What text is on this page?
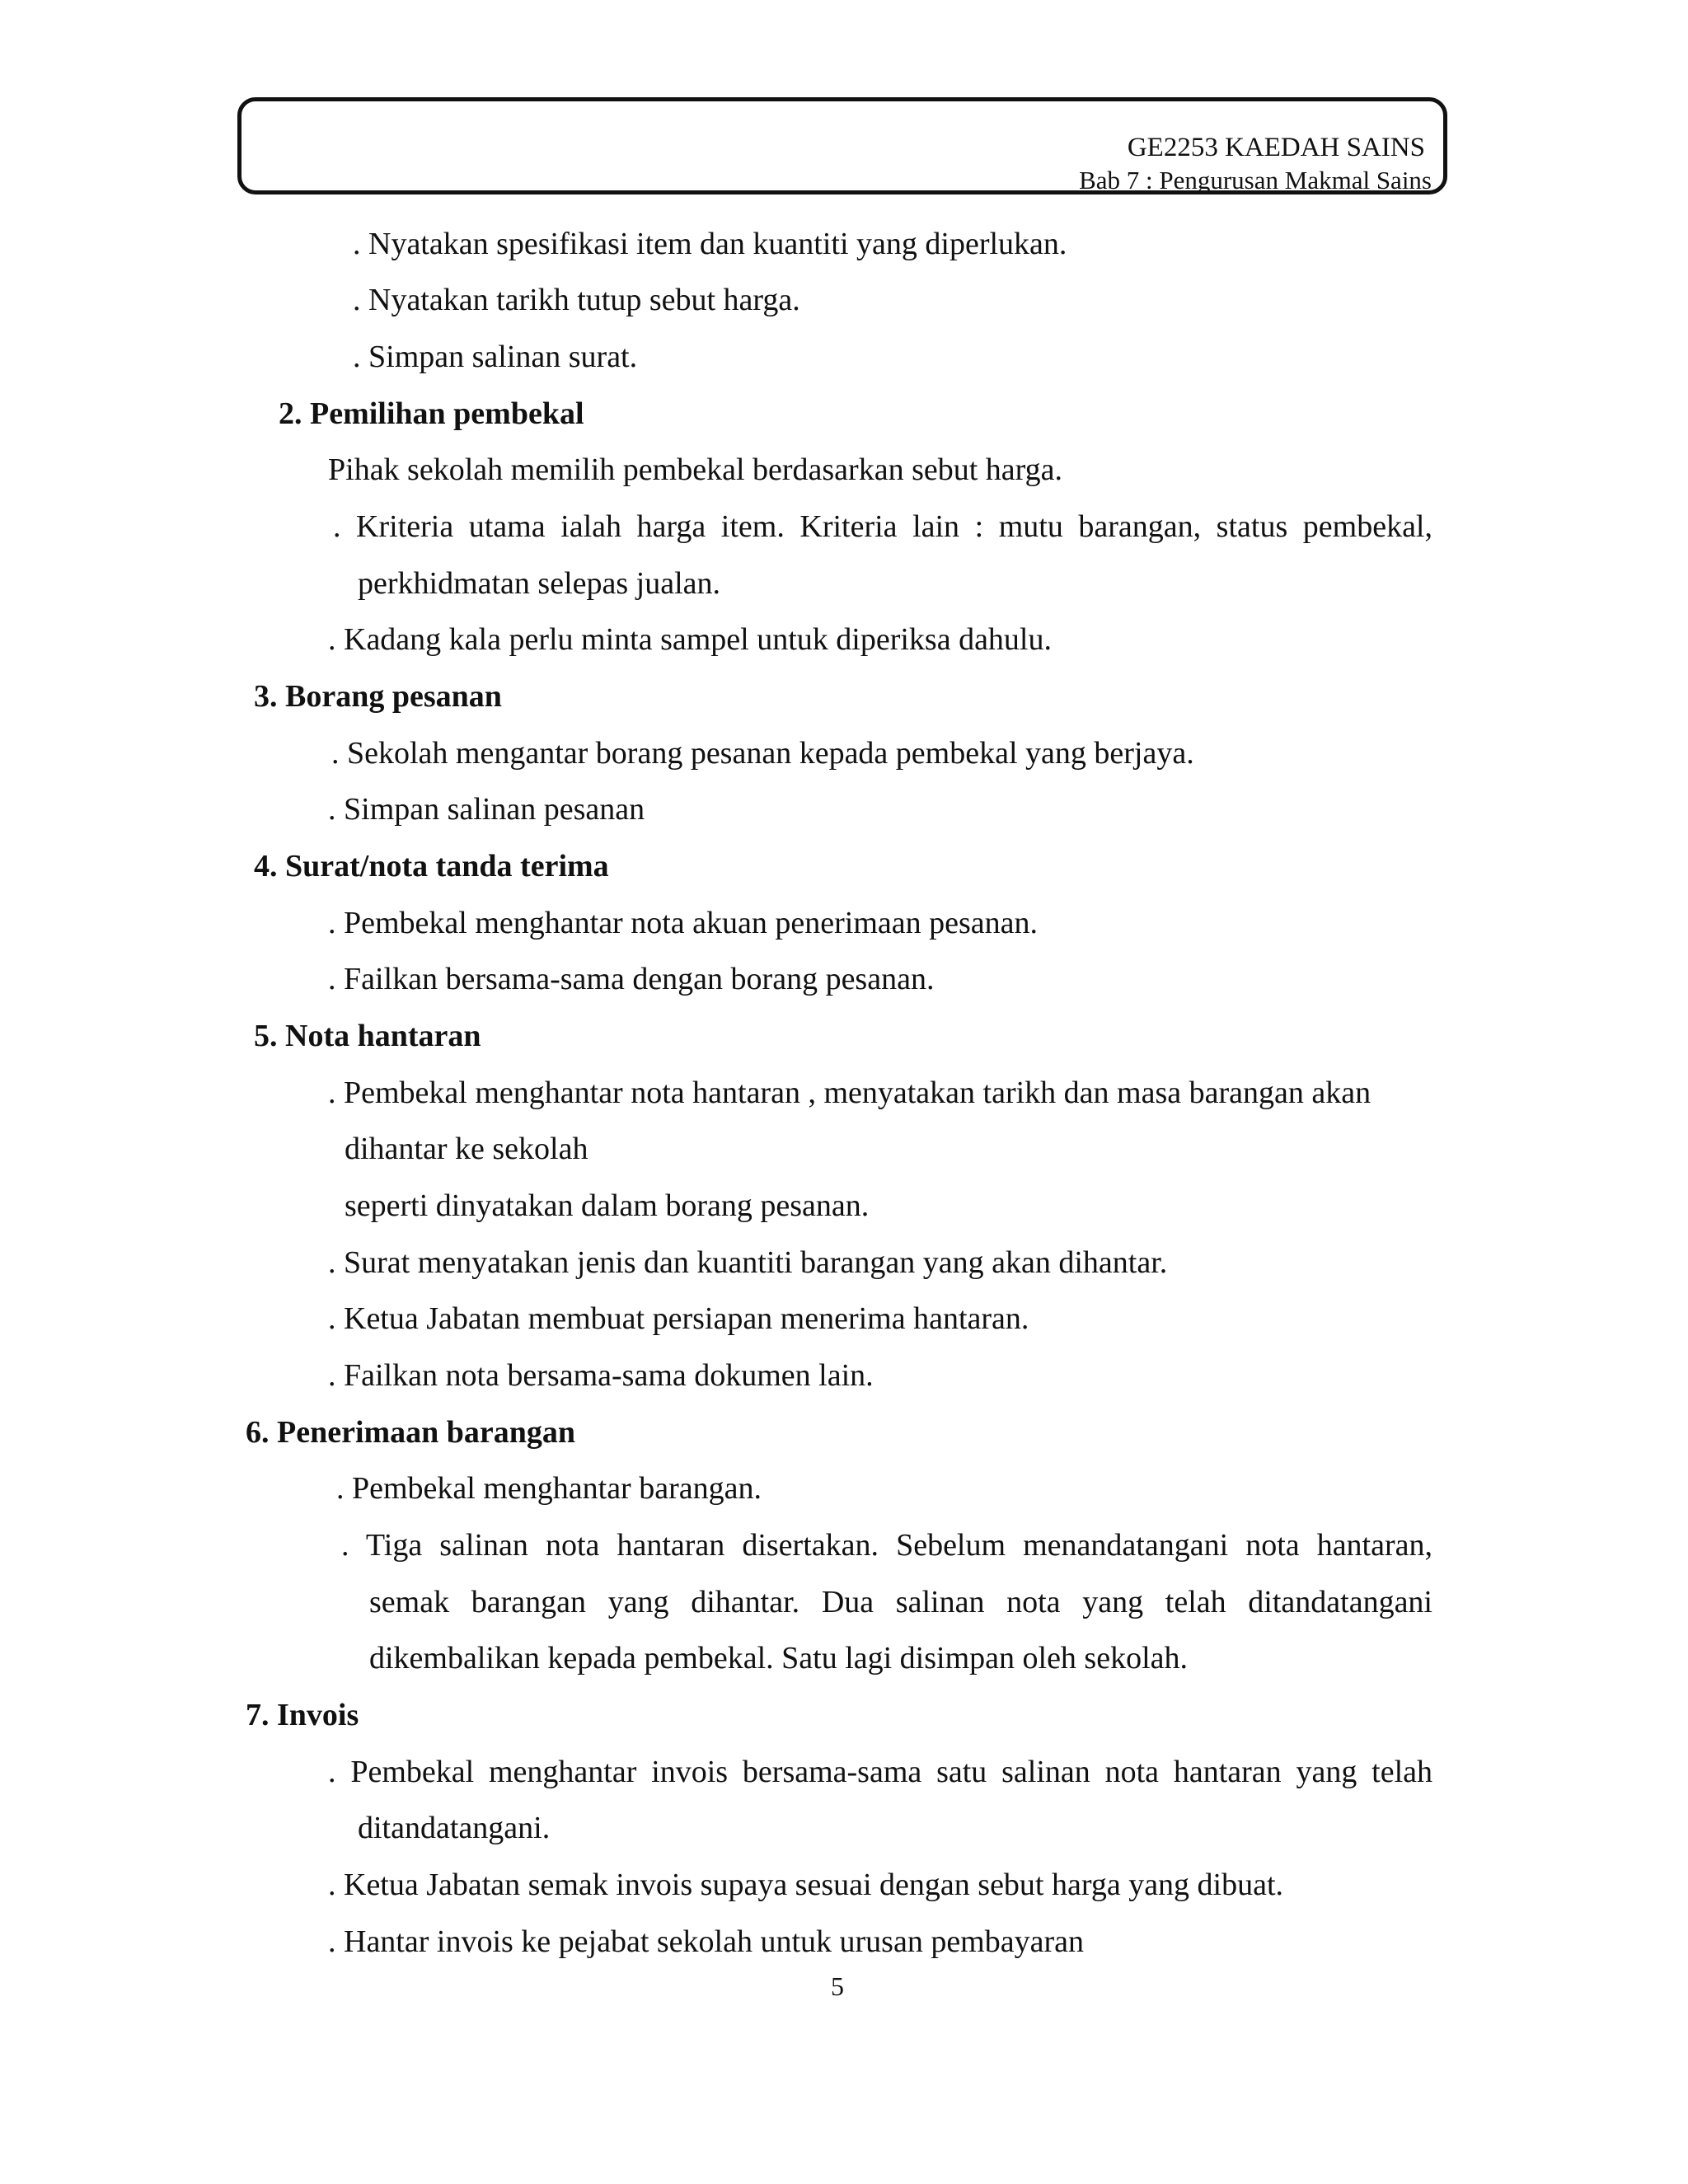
GE2253 KAEDAH SAINS
Bab 7 : Pengurusan Makmal Sains
. Nyatakan spesifikasi item dan kuantiti yang diperlukan.
. Nyatakan tarikh tutup sebut harga.
. Simpan salinan surat.
2. Pemilihan pembekal
Pihak sekolah memilih pembekal berdasarkan sebut harga.
. Kriteria utama ialah harga item. Kriteria lain : mutu barangan, status pembekal,
perkhidmatan selepas jualan.
. Kadang kala perlu minta sampel untuk diperiksa dahulu.
3. Borang pesanan
. Sekolah mengantar borang pesanan kepada pembekal yang berjaya.
. Simpan salinan pesanan
4. Surat/nota tanda terima
. Pembekal menghantar nota akuan penerimaan pesanan.
. Failkan bersama-sama dengan borang pesanan.
5. Nota hantaran
. Pembekal menghantar nota hantaran , menyatakan tarikh dan masa barangan akan
dihantar ke sekolah
seperti dinyatakan dalam borang pesanan.
. Surat menyatakan jenis dan kuantiti barangan yang akan dihantar.
. Ketua Jabatan membuat persiapan menerima hantaran.
. Failkan nota bersama-sama dokumen lain.
6. Penerimaan barangan
. Pembekal menghantar barangan.
. Tiga salinan nota hantaran disertakan. Sebelum menandatangani nota hantaran,
semak barangan yang dihantar. Dua salinan nota yang telah ditandatangani
dikembalikan kepada pembekal. Satu lagi disimpan oleh sekolah.
7. Invois
. Pembekal menghantar invois bersama-sama satu salinan nota hantaran yang telah
ditandatangani.
. Ketua Jabatan semak invois supaya sesuai dengan sebut harga yang dibuat.
. Hantar invois ke pejabat sekolah untuk urusan pembayaran
5
